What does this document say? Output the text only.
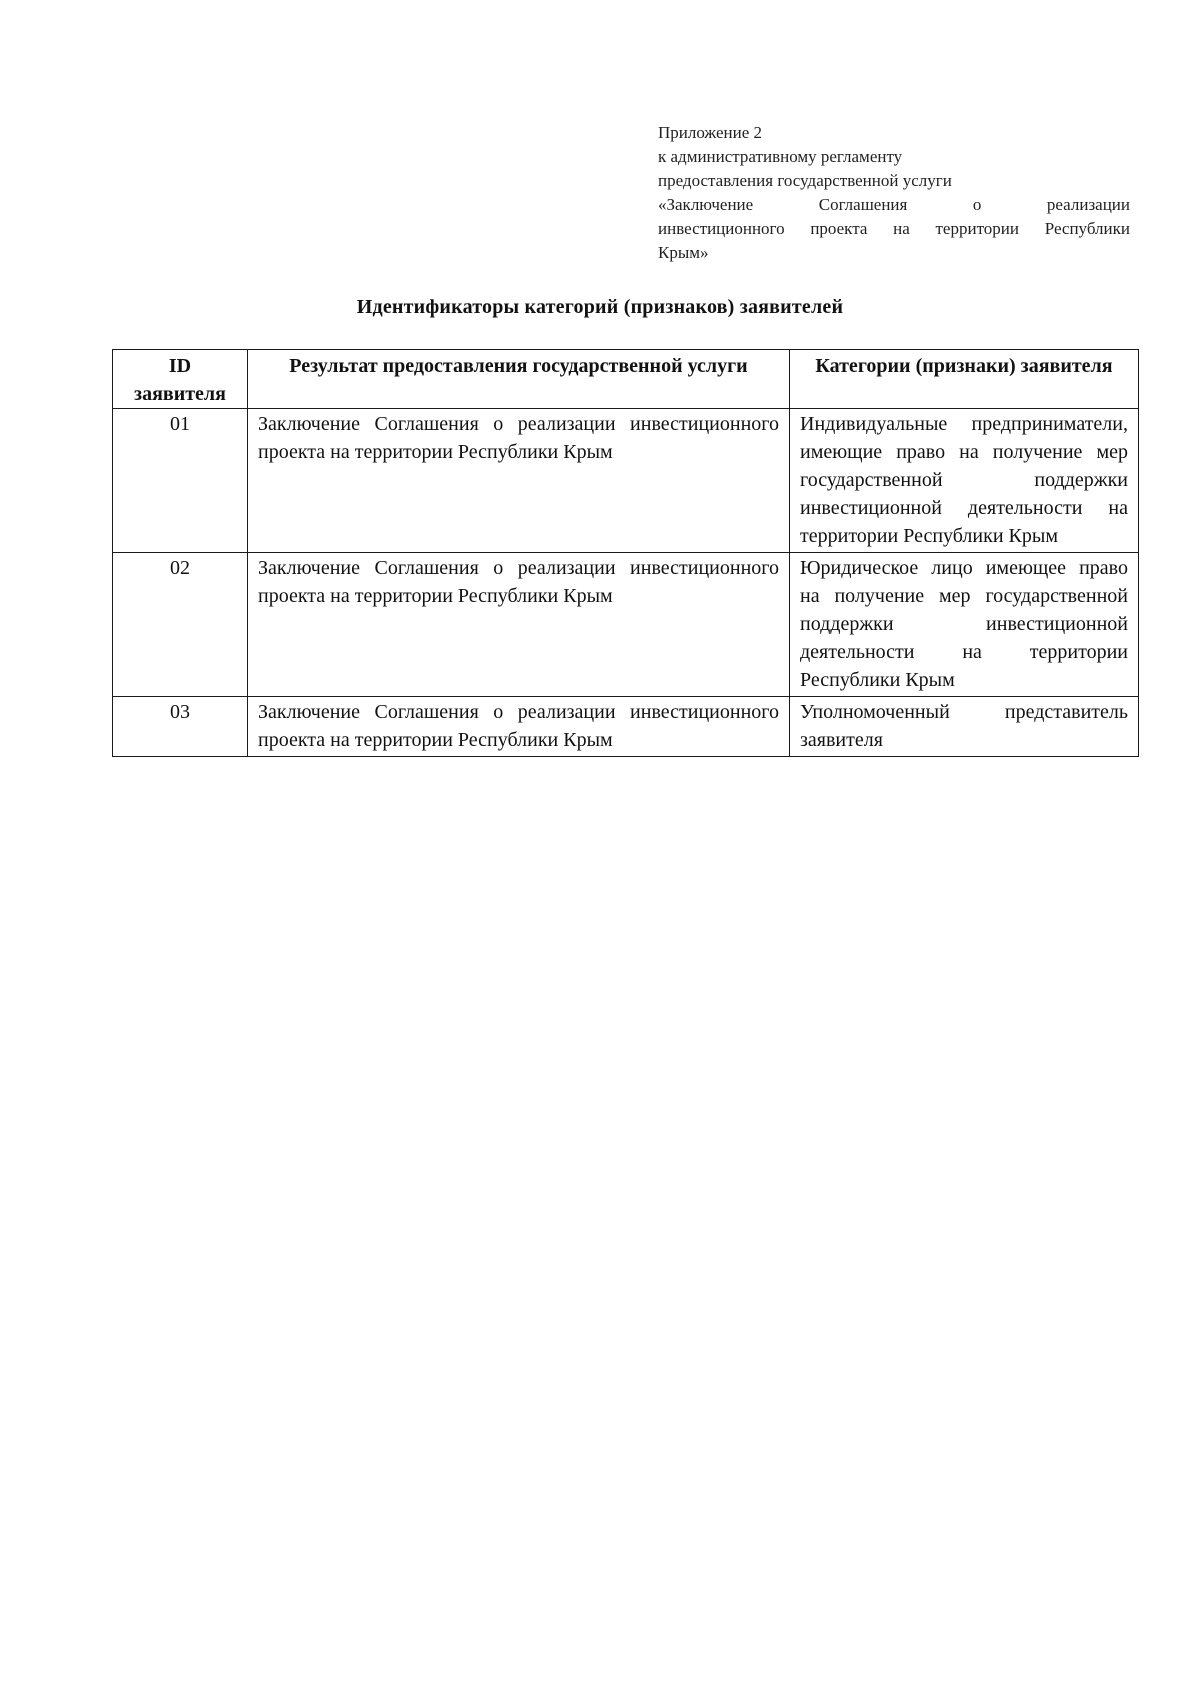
Приложение 2
к административному регламенту
предоставления государственной услуги
«Заключение Соглашения о реализации
инвестиционного проекта на территории Республики
Крым»
Идентификаторы категорий (признаков) заявителей
ID заявителя	Результат предоставления государственной услуги	Категории (признаки) заявителя
01	Заключение Соглашения о реализации инвестиционного проекта на территории Республики Крым	Индивидуальные предприниматели, имеющие право на получение мер государственной поддержки инвестиционной деятельности на территории Республики Крым
02	Заключение Соглашения о реализации инвестиционного проекта на территории Республики Крым	Юридическое лицо имеющее право на получение мер государственной поддержки инвестиционной деятельности на территории Республики Крым
03	Заключение Соглашения о реализации инвестиционного проекта на территории Республики Крым	Уполномоченный представитель заявителя
